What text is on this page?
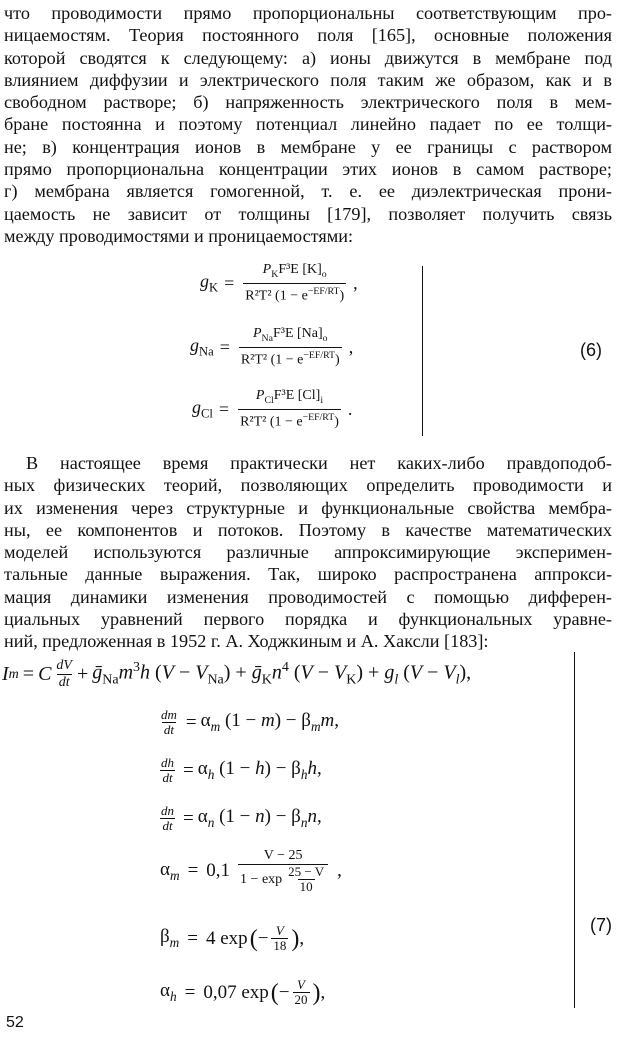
что проводимости прямо пропорциональны соответствующим про-
ницаемостям. Теория постоянного поля [165], основные положения
которой сводятся к следующему: а) ионы движутся в мембране под
влиянием диффузии и электрического поля таким же образом, как и в
свободном растворе; б) напряженность электрического поля в мем-
бране постоянна и поэтому потенциал линейно падает по ее толщи-
не; в) концентрация ионов в мембране у ее границы с раствором
прямо пропорциональна концентрации этих ионов в самом растворе;
г) мембрана является гомогенной, т. е. ее диэлектрическая прони-
цаемость не зависит от толщины [179], позволяет получить связь
между проводимостями и проницаемостями:
$g_K = \frac{P_KF^3E [K]_o}{R^2T^2 (1 - e^{-EF/RT})}$ ,
$g_{Na} = \frac{P_{Na}F^3E [Na]_o}{R^2T^2 (1 - e^{-EF/RT})}$ ,
$g_{Cl} = \frac{P_{Cl}F^3E [Cl]_i}{R^2T^2 (1 - e^{-EF/RT})}$ .
(6)
В настоящее время практически нет каких-либо правдоподоб-
ных физических теорий, позволяющих определить проводимости и
их изменения через структурные и функциональные свойства мембра-
ны, ее компонентов и потоков. Поэтому в качестве математических
моделей используются различные аппроксимирующие эксперимен-
тальные данные выражения. Так, широко распространена аппрокси-
мация динамики изменения проводимостей с помощью дифферен-
циальных уравнений первого порядка и функциональных уравне-
ний, предложенная в 1952 г. А. Ходжкиным и А. Хаксли [183]:
I m = C $\frac{dV}{dt}$ + $ḡ_{Na}m^3h$ $(V - V_{Na})$ + $ḡ_Kn^4$ $(V - V_K) + g_l$ $(V - V_l)$,
$\frac{dm}{dt} = \alpha_m$ $(1 - m) - \beta_mm$,
$\frac{dh}{dt} = \alpha_h$ $(1 - h) - \beta_hh$,
$\frac{dn}{dt} = \alpha_n$ $(1 - n) - \beta_nn$,
$\alpha_m = 0,1 \frac{V - 25}{1 - \exp \frac{25 - V}{10}}$ ,
$\beta_m = 4$ exp ( − $\frac{V}{18}$ ) ,
$\alpha_h = 0,07$ exp ( − $\frac{V}{20}$ ) ,
(7)
52
